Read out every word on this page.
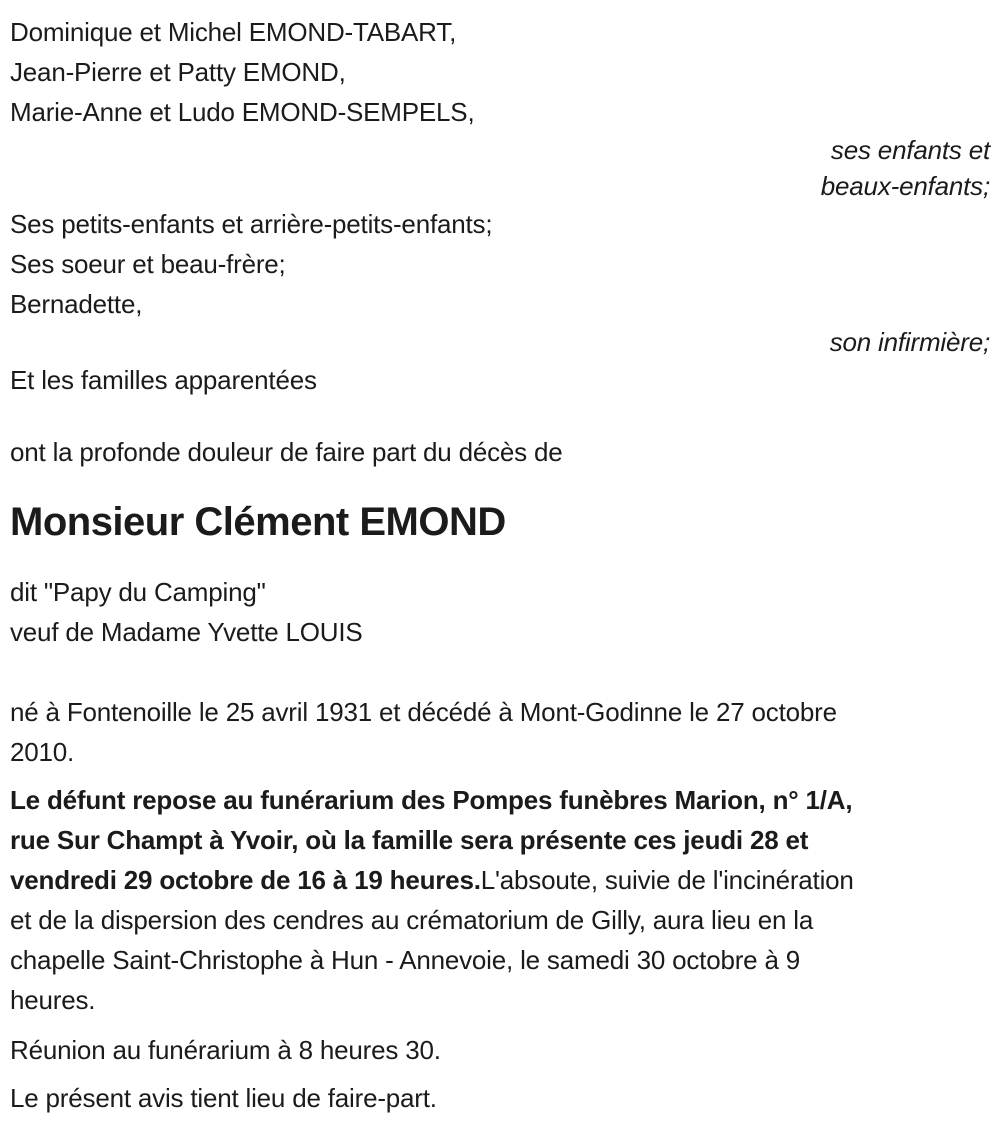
Dominique et Michel EMOND-TABART,
Jean-Pierre et Patty EMOND,
Marie-Anne et Ludo EMOND-SEMPELS,
ses enfants et
beaux-enfants;
Ses petits-enfants et arrière-petits-enfants;
Ses soeur et beau-frère;
Bernadette,
son infirmière;
Et les familles apparentées
ont la profonde douleur de faire part du décès de
Monsieur Clément EMOND
dit "Papy du Camping"
veuf de Madame Yvette LOUIS
né à Fontenoille le 25 avril 1931 et décédé à Mont-Godinne le 27 octobre
2010.
Le défunt repose au funérarium des Pompes funèbres Marion, n° 1/A,
rue Sur Champt à Yvoir, où la famille sera présente ces jeudi 28 et
vendredi 29 octobre de 16 à 19 heures.L'absoute, suivie de l'incinération
et de la dispersion des cendres au crématorium de Gilly, aura lieu en la
chapelle Saint-Christophe à Hun - Annevoie, le samedi 30 octobre à 9
heures.
Réunion au funérarium à 8 heures 30.
Le présent avis tient lieu de faire-part.
